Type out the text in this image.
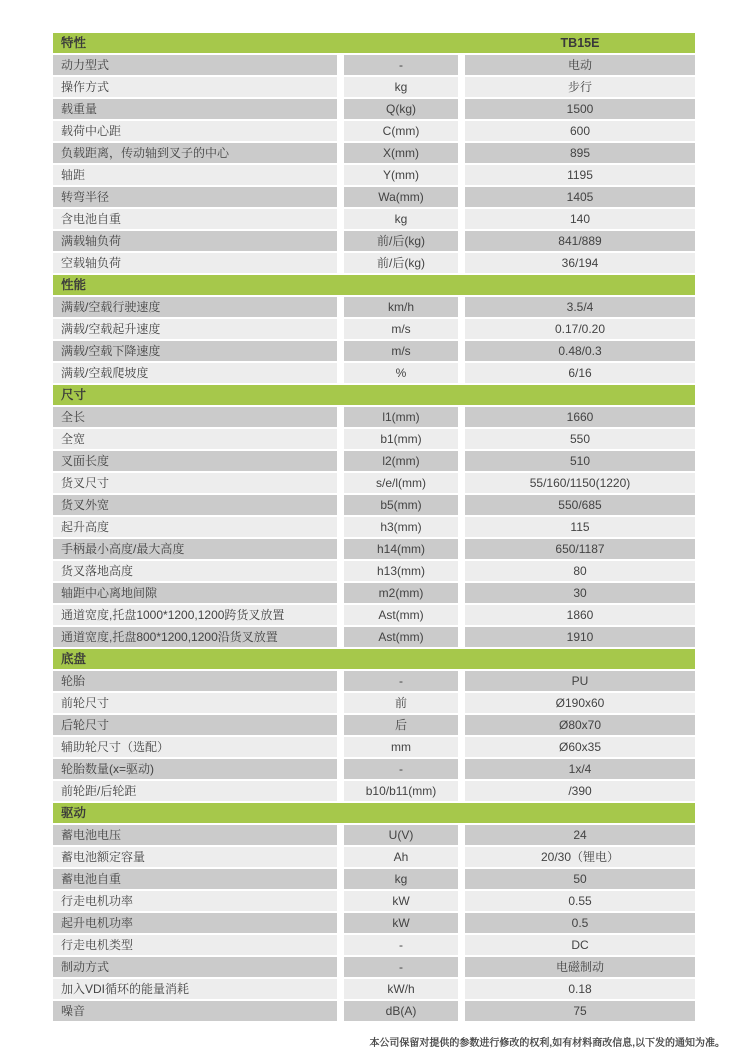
特性	TB15E
动力型式	-	电动
操作方式	kg	步行
载重量	Q(kg)	1500
载荷中心距	C(mm)	600
负载距离，传动轴到叉子的中心	X(mm)	895
轴距	Y(mm)	1195
转弯半径	Wa(mm)	1405
含电池自重	kg	140
满载轴负荷	前/后(kg)	841/889
空载轴负荷	前/后(kg)	36/194
性能
满载/空载行驶速度	km/h	3.5/4
满载/空载起升速度	m/s	0.17/0.20
满载/空载下降速度	m/s	0.48/0.3
满载/空载爬坡度	%	6/16
尺寸
全长	l1(mm)	1660
全宽	b1(mm)	550
叉面长度	l2(mm)	510
货叉尺寸	s/e/l(mm)	55/160/1150(1220)
货叉外宽	b5(mm)	550/685
起升高度	h3(mm)	115
手柄最小高度/最大高度	h14(mm)	650/1187
货叉落地高度	h13(mm)	80
轴距中心离地间隙	m2(mm)	30
通道宽度,托盘1000*1200,1200跨货叉放置	Ast(mm)	1860
通道宽度,托盘800*1200,1200沿货叉放置	Ast(mm)	1910
底盘
轮胎	-	PU
前轮尺寸	前	Ø190x60
后轮尺寸	后	Ø80x70
辅助轮尺寸（选配）	mm	Ø60x35
轮胎数量(x=驱动)	-	1x/4
前轮距/后轮距	b10/b11(mm)	/390
驱动
蓄电池电压	U(V)	24
蓄电池额定容量	Ah	20/30（锂电）
蓄电池自重	kg	50
行走电机功率	kW	0.55
起升电机功率	kW	0.5
行走电机类型	-	DC
制动方式	-	电磁制动
加入VDI循环的能量消耗	kW/h	0.18
噪音	dB(A)	75
本公司保留对提供的参数进行修改的权利,如有材料商改信息,以下发的通知为准。
